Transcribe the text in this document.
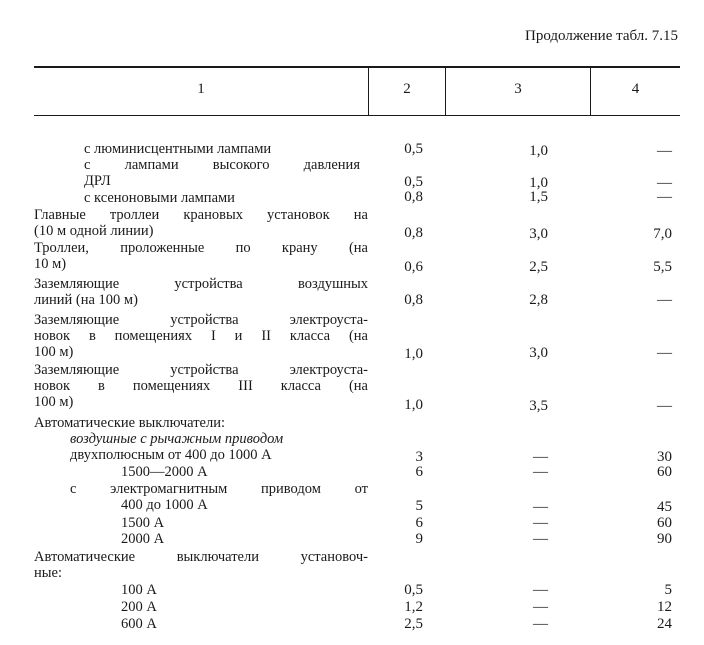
Продолжение табл. 7.15
1	2	3	4
с люминисцентными лампами	0,5	1,0	—
с лампами высокого давления
ДРЛ	0,5	1,0	—
с ксеноновыми лампами	0,8	1,5	—
Главные троллеи крановых установок на
(10 м одной линии)	0,8	3,0	7,0
Троллеи, проложенные по крану (на
10 м)	0,6	2,5	5,5
Заземляющие устройства воздушных
линий (на 100 м)	0,8	2,8	—
Заземляющие устройства электроуста-
новок в помещениях I и II класса (на
100 м)	1,0	3,0	—
Заземляющие устройства электроуста-
новок в помещениях III класса (на
100 м)	1,0	3,5	—
Автоматические выключатели:
воздушные с рычажным приводом
двухполюсным от 400 до 1000 А	3	—	30
1500—2000 А	6	—	60
с электромагнитным приводом от
400 до 1000 А	5	—	45
1500 А	6	—	60
2000 А	9	—	90
Автоматические выключатели установоч-
ные:
100 А	0,5	—	5
200 А	1,2	—	12
600 А	2,5	—	24
